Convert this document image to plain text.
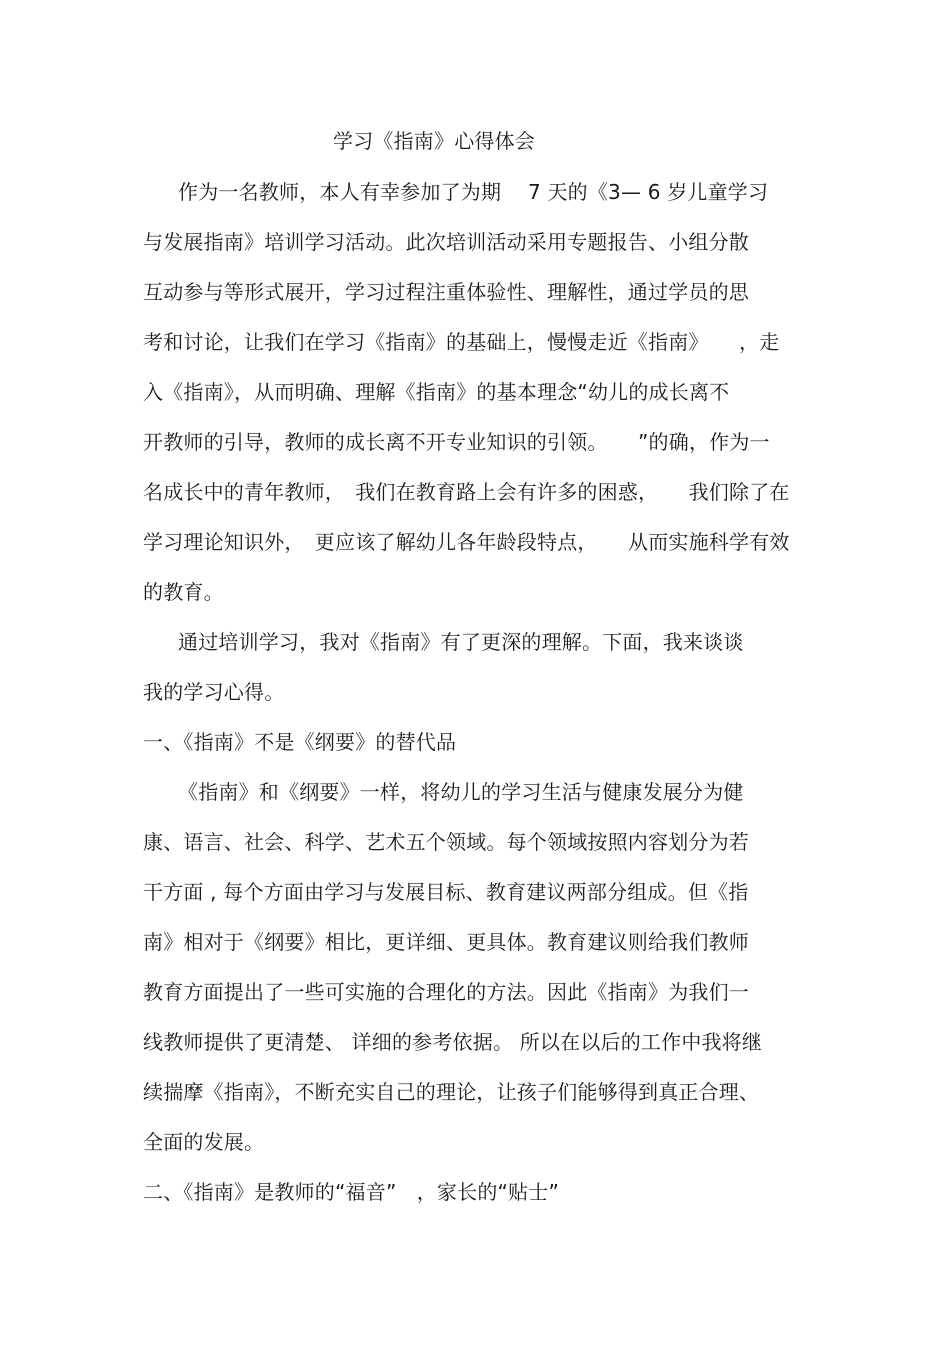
学习《指南》心得体会
作为一名教师，本人有幸参加了为期　 7 天的《3— 6 岁儿童学习
与发展指南》培训学习活动。此次培训活动采用专题报告、小组分散
互动参与等形式展开，学习过程注重体验性、理解性，通过学员的思
考和讨论，让我们在学习《指南》的基础上，慢慢走近《指南》　　，走
入《指南》，从而明确、理解《指南》的基本理念“幼儿的成长离不
开教师的引导，教师的成长离不开专业知识的引领。　　”的确，作为一
名成长中的青年教师，　我们在教育路上会有许多的困惑，　　我们除了在
学习理论知识外，　更应该了解幼儿各年龄段特点，　　从而实施科学有效
的教育。
通过培训学习，我对《指南》有了更深的理解。下面，我来谈谈
我的学习心得。
一、《指南》不是《纲要》的替代品
《指南》和《纲要》一样，将幼儿的学习生活与健康发展分为健
康、语言、社会、科学、艺术五个领域。每个领域按照内容划分为若
干方面 , 每个方面由学习与发展目标、教育建议两部分组成。但《指
南》相对于《纲要》相比，更详细、更具体。教育建议则给我们教师
教育方面提出了一些可实施的合理化的方法。因此《指南》为我们一
线教师提供了更清楚、 详细的参考依据。 所以在以后的工作中我将继
续揣摩《指南》，不断充实自己的理论，让孩子们能够得到真正合理、
全面的发展。
二、《指南》是教师的“福音”　，家长的“贴士”
